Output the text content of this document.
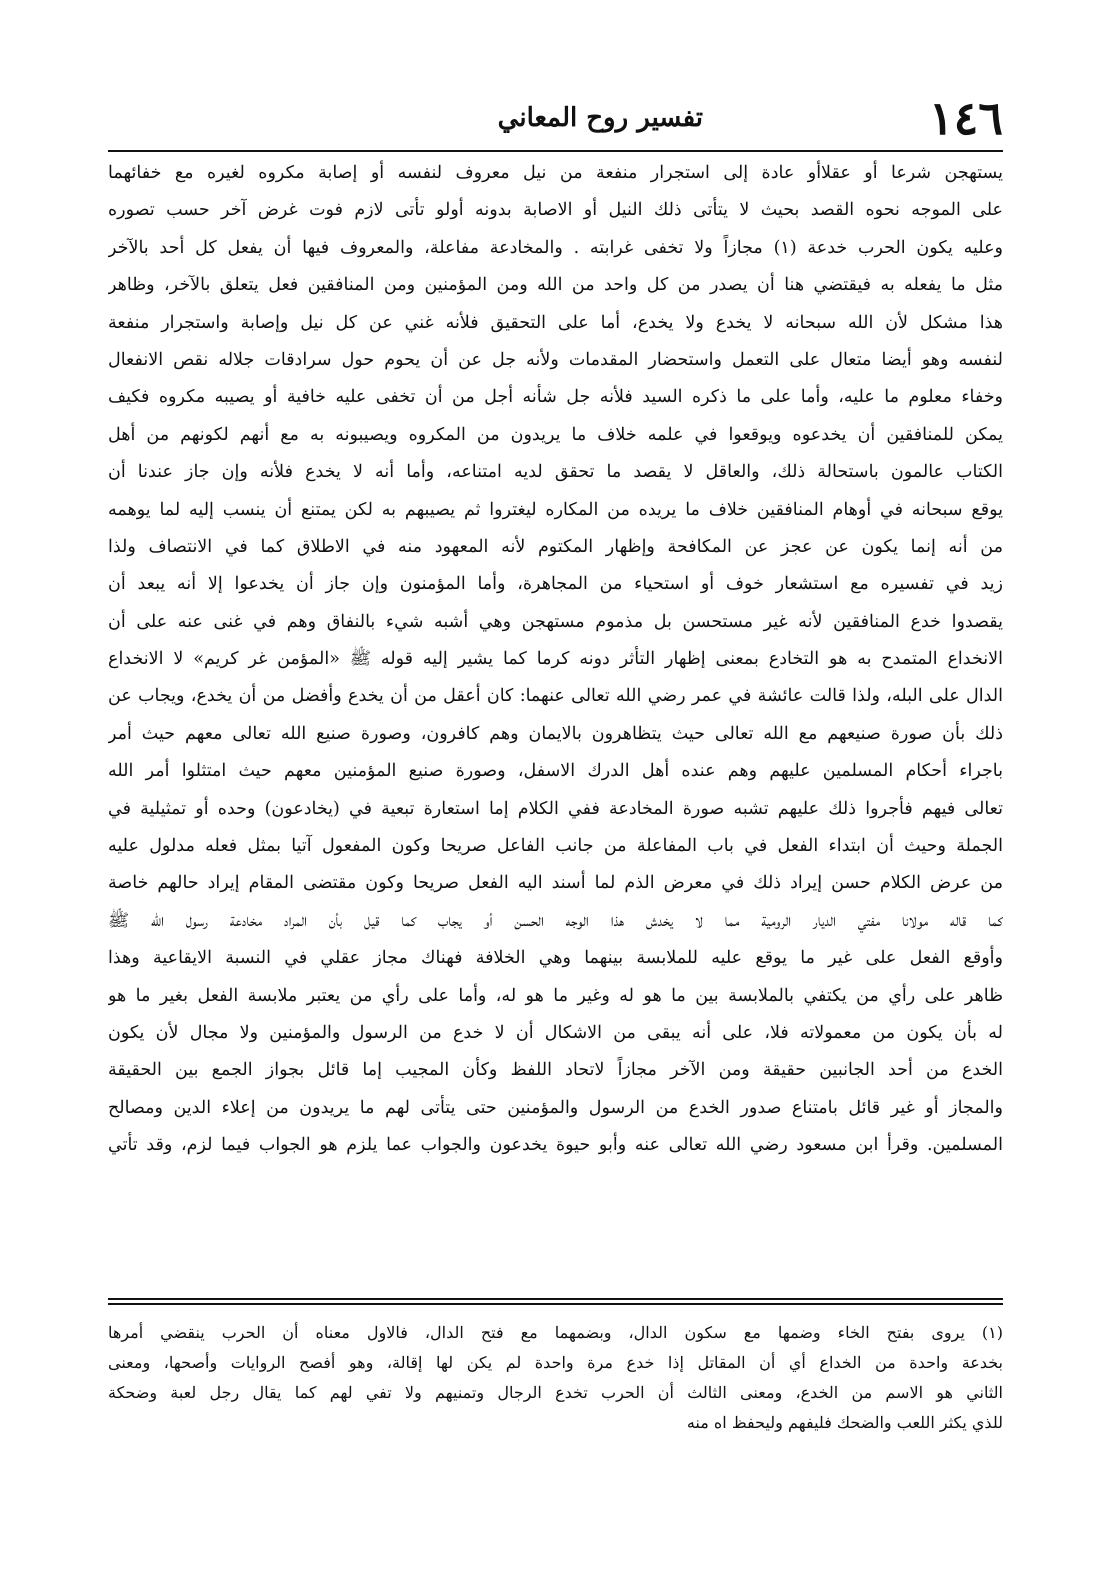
١٤٦
تفسير روح المعاني
يستهجن شرعا أو عقلاأو عادة إلى استجرار منفعة من نيل معروف لنفسه أو إصابة مكروه لغيره مع خفائهما
على الموجه نحوه القصد بحيث لا يتأتى ذلك النيل أو الاصابة بدونه أولو تأتى لازم فوت غرض آخر حسب تصوره
وعليه يكون الحرب خدعة (١) مجازاً ولا تخفى غرابته . والمخادعة مفاعلة، والمعروف فيها أن يفعل كل أحد بالآخر
مثل ما يفعله به فيقتضي هنا أن يصدر من كل واحد من الله ومن المؤمنين ومن المنافقين فعل يتعلق بالآخر، وظاهر
هذا مشكل لأن الله سبحانه لا يخدع ولا يخدع، أما على التحقيق فلأنه غني عن كل نيل وإصابة واستجرار منفعة
لنفسه وهو أيضا متعال على التعمل واستحضار المقدمات ولأنه جل عن أن يحوم حول سرادقات جلاله نقص الانفعال
وخفاء معلوم ما عليه، وأما على ما ذكره السيد فلأنه جل شأنه أجل من أن تخفى عليه خافية أو يصيبه مكروه فكيف
يمكن للمنافقين أن يخدعوه ويوقعوا في علمه خلاف ما يريدون من المكروه ويصيبونه به مع أنهم لكونهم من أهل
الكتاب عالمون باستحالة ذلك، والعاقل لا يقصد ما تحقق لديه امتناعه، وأما أنه لا يخدع فلأنه وإن جاز عندنا أن
يوقع سبحانه في أوهام المنافقين خلاف ما يريده من المكاره ليغتروا ثم يصيبهم به لكن يمتنع أن ينسب إليه لما يوهمه
من أنه إنما يكون عن عجز عن المكافحة وإظهار المكتوم لأنه المعهود منه في الاطلاق كما في الانتصاف ولذا
زيد في تفسيره مع استشعار خوف أو استحياء من المجاهرة، وأما المؤمنون وإن جاز أن يخدعوا إلا أنه يبعد أن
يقصدوا خدع المنافقين لأنه غير مستحسن بل مذموم مستهجن وهي أشبه شيء بالنفاق وهم في غنى عنه على أن
الانخداع المتمدح به هو التخادع بمعنى إظهار التأثر دونه كرما كما يشير إليه قوله ﷺ «المؤمن غر كريم» لا الانخداع
الدال على البله، ولذا قالت عائشة في عمر رضي الله تعالى عنهما: كان أعقل من أن يخدع وأفضل من أن يخدع، ويجاب عن
ذلك بأن صورة صنيعهم مع الله تعالى حيث يتظاهرون بالايمان وهم كافرون، وصورة صنيع الله تعالى معهم حيث أمر
باجراء أحكام المسلمين عليهم وهم عنده أهل الدرك الاسفل، وصورة صنيع المؤمنين معهم حيث امتثلوا أمر الله
تعالى فيهم فأجروا ذلك عليهم تشبه صورة المخادعة ففي الكلام إما استعارة تبعية في (يخادعون) وحده أو تمثيلية في
الجملة وحيث أن ابتداء الفعل في باب المفاعلة من جانب الفاعل صريحا وكون المفعول آتيا بمثل فعله مدلول عليه
من عرض الكلام حسن إيراد ذلك في معرض الذم لما أسند اليه الفعل صريحا وكون مقتضى المقام إيراد حالهم خاصة
كما قاله مولانا مفتي الديار الرومية مما لا يخدش هذا الوجه الحسن أو يجاب كما قيل بأن المراد مخادعة رسول الله ﷺ
وأوقع الفعل على غير ما يوقع عليه للملابسة بينهما وهي الخلافة فهناك مجاز عقلي في النسبة الايقاعية وهذا
ظاهر على رأي من يكتفي بالملابسة بين ما هو له وغير ما هو له، وأما على رأي من يعتبر ملابسة الفعل بغير ما هو
له بأن يكون من معمولاته فلا، على أنه يبقى من الاشكال أن لا خدع من الرسول والمؤمنين ولا مجال لأن يكون
الخدع من أحد الجانبين حقيقة ومن الآخر مجازاً لاتحاد اللفظ وكأن المجيب إما قائل بجواز الجمع بين الحقيقة
والمجاز أو غير قائل بامتناع صدور الخدع من الرسول والمؤمنين حتى يتأتى لهم ما يريدون من إعلاء الدين ومصالح
المسلمين. وقرأ ابن مسعود رضي الله تعالى عنه وأبو حيوة يخدعون والجواب عما يلزم هو الجواب فيما لزم، وقد تأتي
(١) يروى بفتح الخاء وضمها مع سكون الدال، وبضمهما مع فتح الدال، فالاول معناه أن الحرب ينقضي أمرها
بخدعة واحدة من الخداع أي أن المقاتل إذا خدع مرة واحدة لم يكن لها إقالة، وهو أفصح الروايات وأصحها، ومعنى
الثاني هو الاسم من الخدع، ومعنى الثالث أن الحرب تخدع الرجال وتمنيهم ولا تفي لهم كما يقال رجل لعبة وضحكة
للذي يكثر اللعب والضحك فليفهم وليحفظ اه منه
